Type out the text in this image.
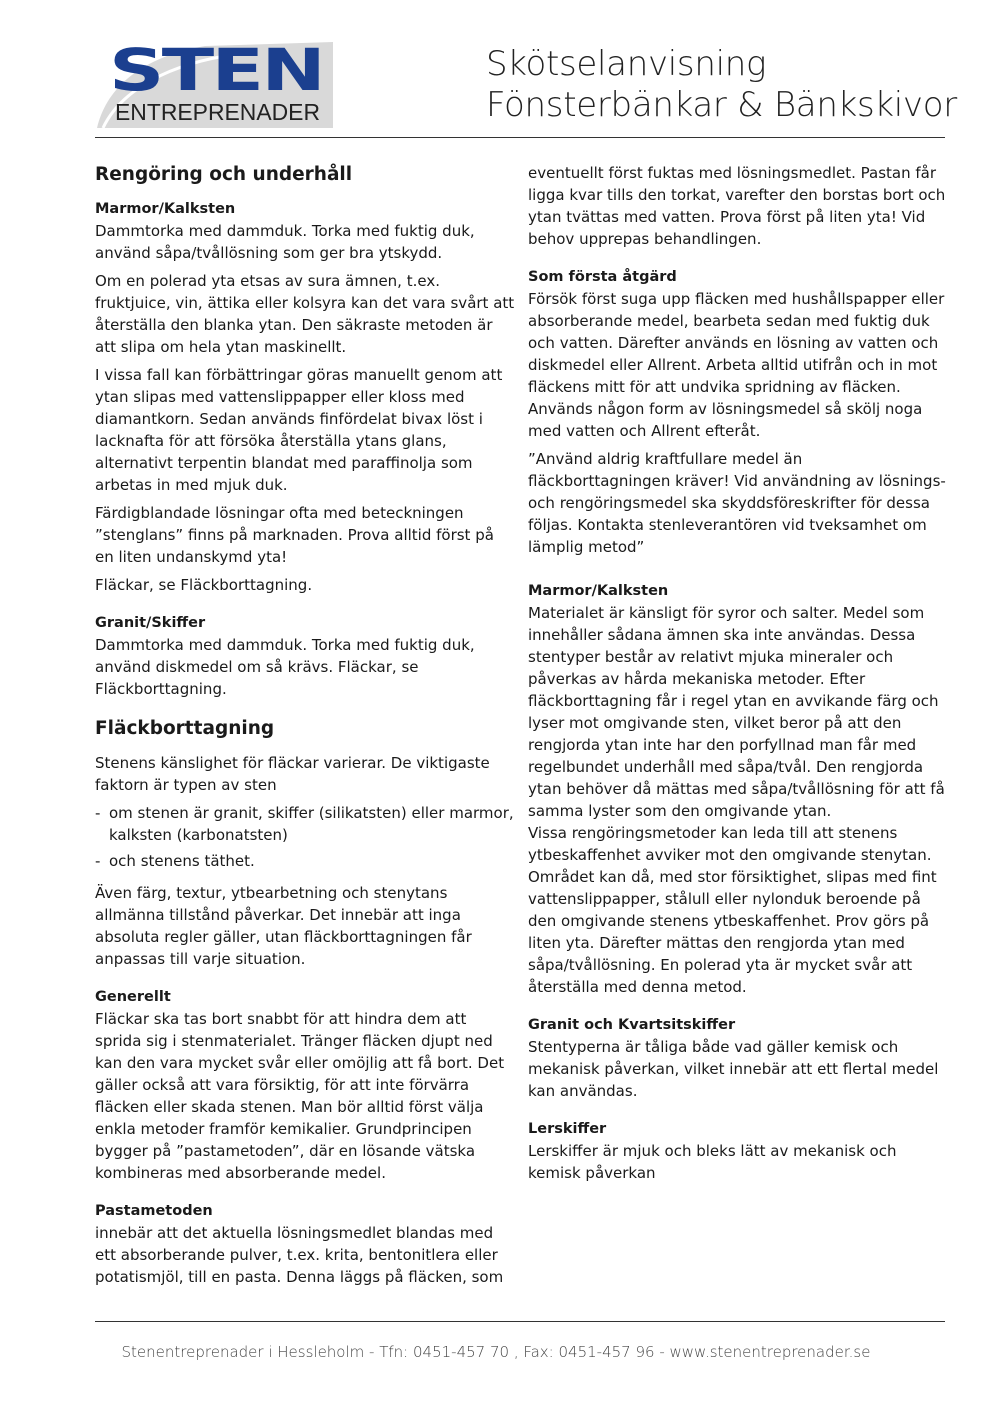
STEN
ENTREPRENADER
Skötselanvisning
Fönsterbänkar & Bänkskivor
Rengöring och underhåll
Marmor/Kalksten

Dammtorka med dammduk. Torka med fuktig duk, använd såpa/tvållösning som ger bra ytskydd.

Om en polerad yta etsas av sura ämnen, t.ex. fruktjuice, vin, ättika eller kolsyra kan det vara svårt att återställa den blanka ytan. Den säkraste metoden är att slipa om hela ytan maskinellt.

I vissa fall kan förbättringar göras manuellt genom att ytan slipas med vattenslippapper eller kloss med diamantkorn. Sedan används finfördelat bivax löst i lacknafta för att försöka återställa ytans glans, alternativt terpentin blandat med paraffinolja som arbetas in med mjuk duk.

Färdigblandade lösningar ofta med beteckningen ”stenglans” finns på marknaden. Prova alltid först på en liten undanskymd yta!

Fläckar, se Fläckborttagning.

Granit/Skiffer

Dammtorka med dammduk. Torka med fuktig duk, använd diskmedel om så krävs. Fläckar, se Fläckborttagning.

Fläckborttagning

Stenens känslighet för fläckar varierar. De viktigaste faktorn är typen av sten

- om stenen är granit, skiffer (silikatsten) eller marmor, kalksten (karbonatsten)
- och stenens täthet.

Även färg, textur, ytbearbetning och stenytans allmänna tillstånd påverkar. Det innebär att inga absoluta regler gäller, utan fläckborttagningen får anpassas till varje situation.

Generellt

Fläckar ska tas bort snabbt för att hindra dem att sprida sig i stenmaterialet. Tränger fläcken djupt ned kan den vara mycket svår eller omöjlig att få bort. Det gäller också att vara försiktig, för att inte förvärra fläcken eller skada stenen. Man bör alltid först välja enkla metoder framför kemikalier. Grundprincipen bygger på ”pastametoden”, där en lösande vätska kombineras med absorberande medel.

Pastametoden

innebär att det aktuella lösningsmedlet blandas med ett absorberande pulver, t.ex. krita, bentonitlera eller potatismjöl, till en pasta. Denna läggs på fläcken, som

eventuellt först fuktas med lösningsmedlet. Pastan får ligga kvar tills den torkat, varefter den borstas bort och ytan tvättas med vatten. Prova först på liten yta! Vid behov upprepas behandlingen.

Som första åtgärd

Försök först suga upp fläcken med hushållspapper eller absorberande medel, bearbeta sedan med fuktig duk och vatten. Därefter används en lösning av vatten och diskmedel eller Allrent. Arbeta alltid utifrån och in mot fläckens mitt för att undvika spridning av fläcken. Används någon form av lösningsmedel så skölj noga med vatten och Allrent efteråt.

”Använd aldrig kraftfullare medel än fläckborttagningen kräver! Vid användning av lösnings- och rengöringsmedel ska skyddsföreskrifter för dessa följas. Kontakta stenleverantören vid tveksamhet om lämplig metod”

Marmor/Kalksten

Materialet är känsligt för syror och salter. Medel som innehåller sådana ämnen ska inte användas. Dessa stentyper består av relativt mjuka mineraler och påverkas av hårda mekaniska metoder. Efter fläckborttagning får i regel ytan en avvikande färg och lyser mot omgivande sten, vilket beror på att den rengjorda ytan inte har den porfyllnad man får med regelbundet underhåll med såpa/tvål. Den rengjorda ytan behöver då mättas med såpa/tvållösning för att få samma lyster som den omgivande ytan.

Vissa rengöringsmetoder kan leda till att stenens ytbeskaffenhet avviker mot den omgivande stenytan. Området kan då, med stor försiktighet, slipas med fint vattenslippapper, stålull eller nylonduk beroende på den omgivande stenens ytbeskaffenhet. Prov görs på liten yta. Därefter mättas den rengjorda ytan med såpa/tvållösning. En polerad yta är mycket svår att återställa med denna metod.

Granit och Kvartsitskiffer

Stentyperna är tåliga både vad gäller kemisk och mekanisk påverkan, vilket innebär att ett flertal medel kan användas.

Lerskiffer

Lerskiffer är mjuk och bleks lätt av mekanisk och kemisk påverkan

Stenentreprenader i Hessleholm - Tfn: 0451-457 70 , Fax: 0451-457 96 - www.stenentreprenader.se
